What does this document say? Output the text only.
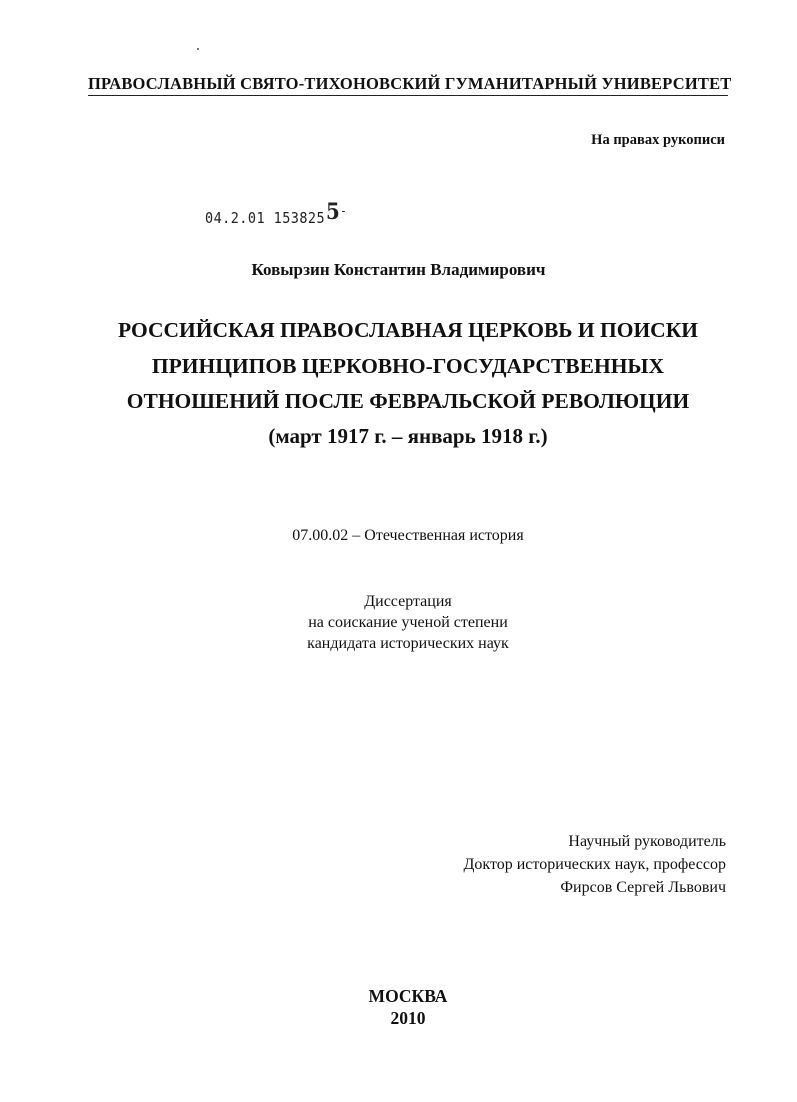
ПРАВОСЛАВНЫЙ СВЯТО-ТИХОНОВСКИЙ ГУМАНИТАРНЫЙ УНИВЕРСИТЕТ
На правах рукописи
04.2.01 1538255-
Ковырзин Константин Владимирович
РОССИЙСКАЯ ПРАВОСЛАВНАЯ ЦЕРКОВЬ И ПОИСКИ
ПРИНЦИПОВ ЦЕРКОВНО-ГОСУДАРСТВЕННЫХ
ОТНОШЕНИЙ ПОСЛЕ ФЕВРАЛЬСКОЙ РЕВОЛЮЦИИ
(март 1917 г. – январь 1918 г.)
07.00.02 – Отечественная история
Диссертация
на соискание ученой степени
кандидата исторических наук
Научный руководитель
Доктор исторических наук, профессор
Фирсов Сергей Львович
МОСКВА
2010
